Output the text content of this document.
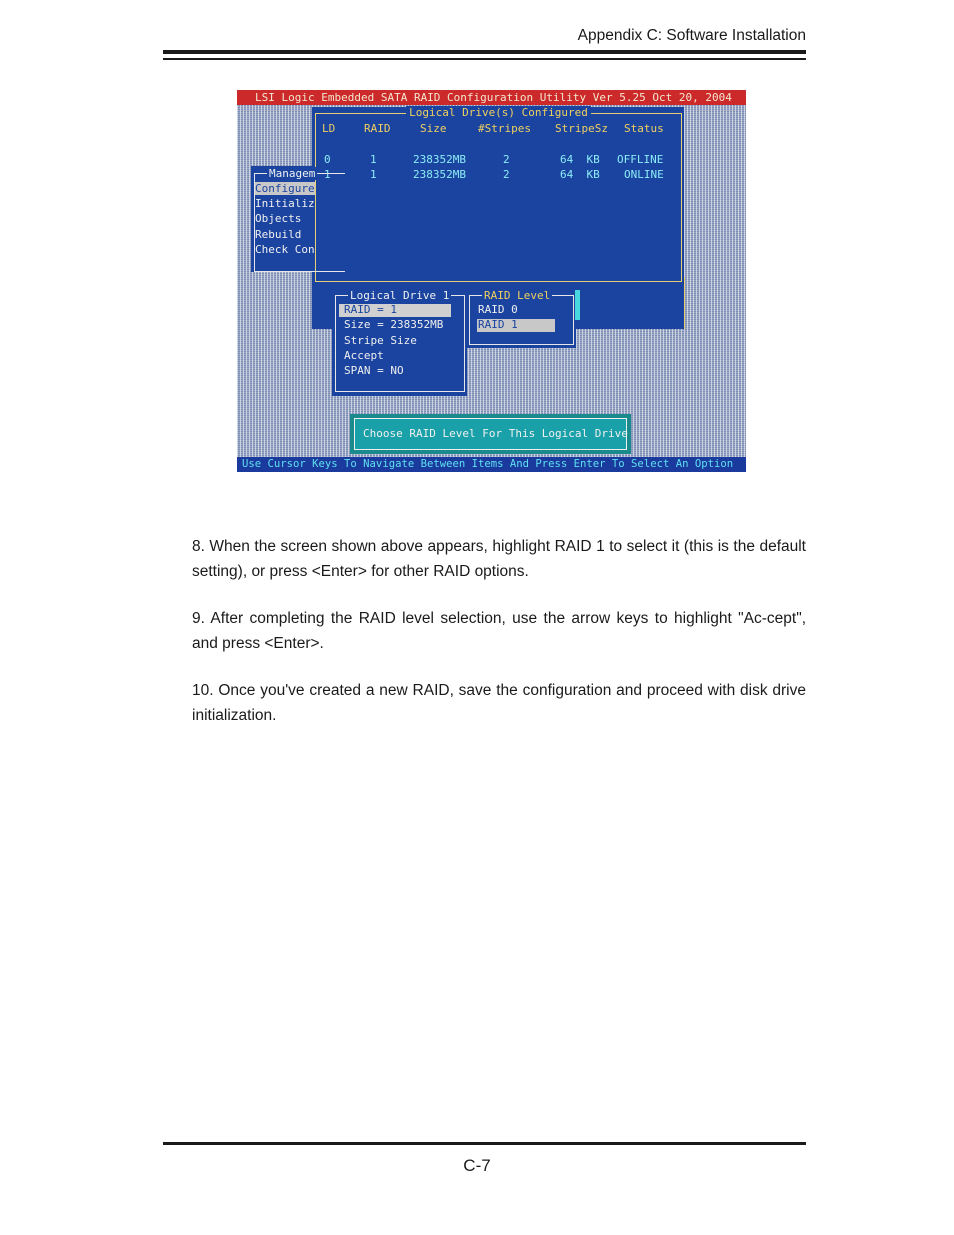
Appendix C: Software Installation
LSI Logic Embedded SATA RAID Configuration Utility Ver 5.25 Oct 20, 2004
Logical Drive(s) Configured
LD	RAID	Size	#Stripes StripeSz Status
0	1	238352MB	2	64  KB OFFLINE
1	1	238352MB	2	64  KB ONLINE
Managem
Configure
Initializ
Objects
Rebuild
Check Con
Logical Drive 1
RAID = 1
Size = 238352MB
Stripe Size
Accept
SPAN = NO
RAID Level
RAID 0
RAID 1
Choose RAID Level For This Logical Drive
Use Cursor Keys To Navigate Between Items And Press Enter To Select An Option

8. When the screen shown above appears, highlight RAID 1 to select it (this is the default setting), or press <Enter> for other RAID options.

9. After completing the RAID level selection, use the arrow keys to highlight "Ac-cept", and press <Enter>.

10. Once you've created a new RAID, save the configuration and proceed with disk drive initialization.

C-7
